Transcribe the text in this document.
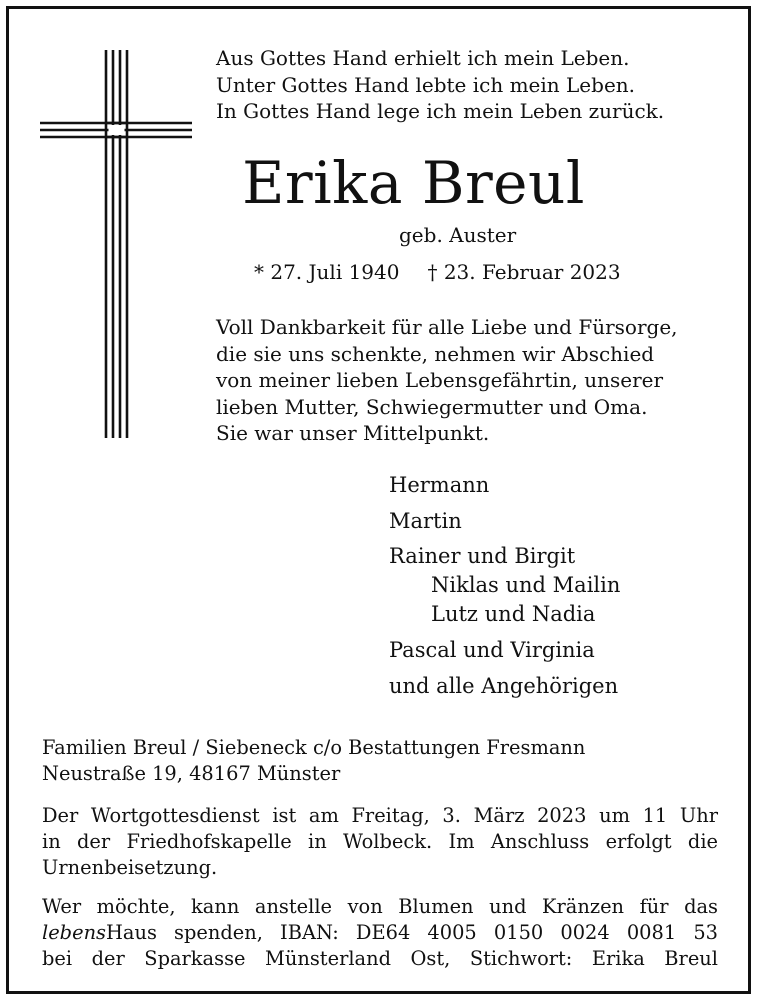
Aus Gottes Hand erhielt ich mein Leben.
Unter Gottes Hand lebte ich mein Leben.
In Gottes Hand lege ich mein Leben zurück.
Erika Breul
geb. Auster
* 27. Juli 1940 † 23. Februar 2023
Voll Dankbarkeit für alle Liebe und Fürsorge,
die sie uns schenkte, nehmen wir Abschied
von meiner lieben Lebensgefährtin, unserer
lieben Mutter, Schwiegermutter und Oma.
Sie war unser Mittelpunkt.
Hermann
Martin
Rainer und Birgit
Niklas und Mailin
Lutz und Nadia
Pascal und Virginia
und alle Angehörigen
Familien Breul / Siebeneck c/o Bestattungen Fresmann
Neustraße 19, 48167 Münster
Der Wortgottesdienst ist am Freitag, 3. März 2023 um 11 Uhr
in der Friedhofskapelle in Wolbeck. Im Anschluss erfolgt die
Urnenbeisetzung.
Wer möchte, kann anstelle von Blumen und Kränzen für das
lebensHaus spenden, IBAN: DE64 4005 0150 0024 0081 53
bei der Sparkasse Münsterland Ost, Stichwort: Erika Breul
